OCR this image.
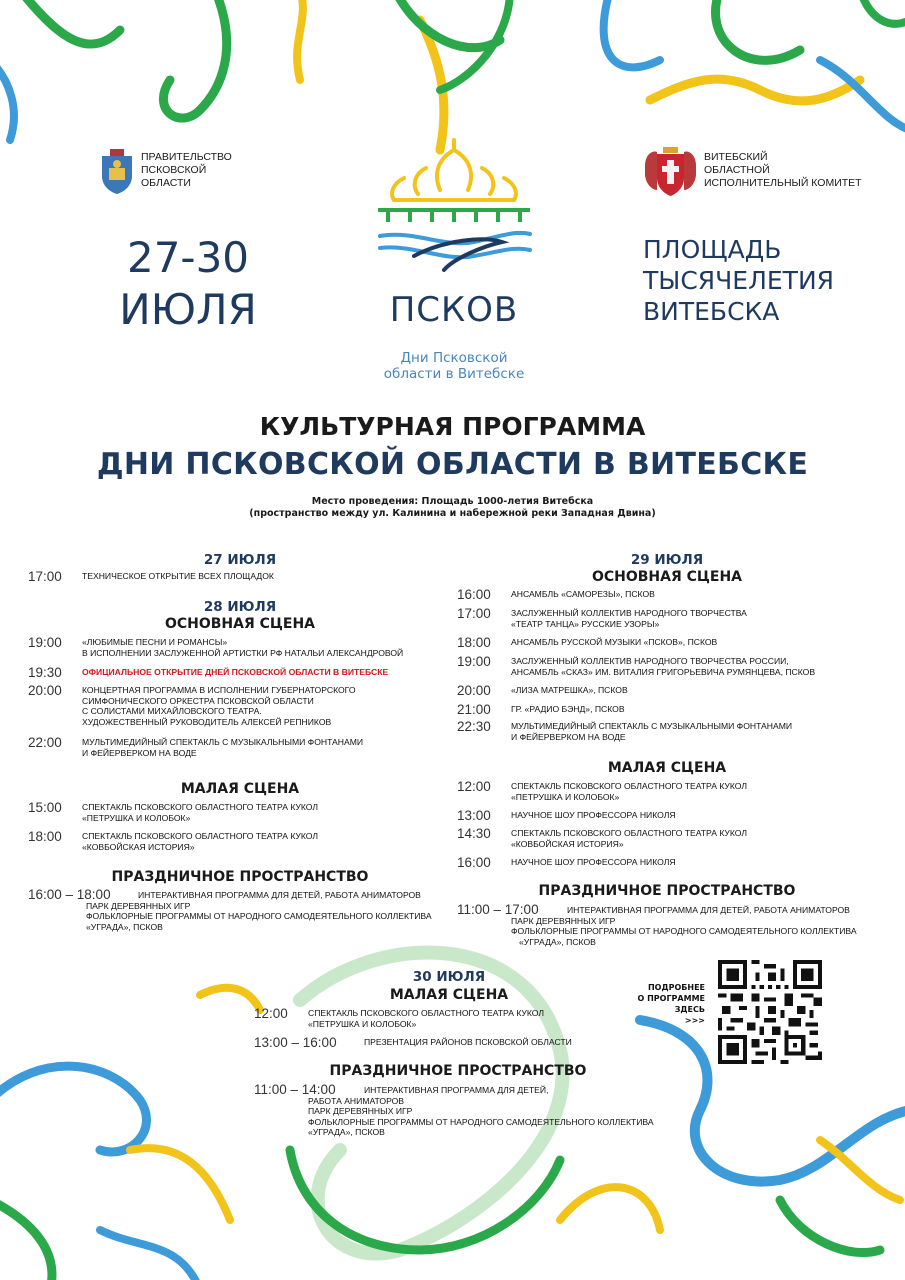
ПРАВИТЕЛЬСТВО
ПСКОВСКОЙ
ОБЛАСТИ
ВИТЕБСКИЙ
ОБЛАСТНОЙ
ИСПОЛНИТЕЛЬНЫЙ КОМИТЕТ
27-30
ИЮЛЯ	ПСКОВ
Дни Псковской
области в Витебске
ПЛОЩАДЬ
ТЫСЯЧЕЛЕТИЯ
ВИТЕБСКА
КУЛЬТУРНАЯ ПРОГРАММА
ДНИ ПСКОВСКОЙ ОБЛАСТИ В ВИТЕБСКЕ
Место проведения: Площадь 1000-летия Витебска
(пространство между ул. Калинина и набережной реки Западная Двина)
27 ИЮЛЯ
17:00	ТЕХНИЧЕСКОЕ ОТКРЫТИЕ ВСЕХ ПЛОЩАДОК
28 ИЮЛЯ
ОСНОВНАЯ СЦЕНА
19:00	«ЛЮБИМЫЕ ПЕСНИ И РОМАНСЫ»
В ИСПОЛНЕНИИ ЗАСЛУЖЕННОЙ АРТИСТКИ РФ НАТАЛЬИ АЛЕКСАНДРОВОЙ
19:30	ОФИЦИАЛЬНОЕ ОТКРЫТИЕ ДНЕЙ ПСКОВСКОЙ ОБЛАСТИ В ВИТЕБСКЕ
20:00	КОНЦЕРТНАЯ ПРОГРАММА В ИСПОЛНЕНИИ ГУБЕРНАТОРСКОГО
СИМФОНИЧЕСКОГО ОРКЕСТРА ПСКОВСКОЙ ОБЛАСТИ
С СОЛИСТАМИ МИХАЙЛОВСКОГО ТЕАТРА.
ХУДОЖЕСТВЕННЫЙ РУКОВОДИТЕЛЬ АЛЕКСЕЙ РЕПНИКОВ
22:00	МУЛЬТИМЕДИЙНЫЙ СПЕКТАКЛЬ С МУЗЫКАЛЬНЫМИ ФОНТАНАМИ
И ФЕЙЕРВЕРКОМ НА ВОДЕ
МАЛАЯ СЦЕНА
15:00	СПЕКТАКЛЬ ПСКОВСКОГО ОБЛАСТНОГО ТЕАТРА КУКОЛ
«ПЕТРУШКА И КОЛОБОК»
18:00	СПЕКТАКЛЬ ПСКОВСКОГО ОБЛАСТНОГО ТЕАТРА КУКОЛ
«КОВБОЙСКАЯ ИСТОРИЯ»
ПРАЗДНИЧНОЕ ПРОСТРАНСТВО
16:00 – 18:00	ИНТЕРАКТИВНАЯ ПРОГРАММА ДЛЯ ДЕТЕЙ, РАБОТА АНИМАТОРОВ
ПАРК ДЕРЕВЯННЫХ ИГР
ФОЛЬКЛОРНЫЕ ПРОГРАММЫ ОТ НАРОДНОГО САМОДЕЯТЕЛЬНОГО КОЛЛЕКТИВА
«УГРАДА», ПСКОВ
29 ИЮЛЯ
ОСНОВНАЯ СЦЕНА
16:00	АНСАМБЛЬ «САМОРЕЗЫ», ПСКОВ
17:00	ЗАСЛУЖЕННЫЙ КОЛЛЕКТИВ НАРОДНОГО ТВОРЧЕСТВА
«ТЕАТР ТАНЦА» РУССКИЕ УЗОРЫ»
18:00	АНСАМБЛЬ РУССКОЙ МУЗЫКИ «ПСКОВ», ПСКОВ
19:00	ЗАСЛУЖЕННЫЙ КОЛЛЕКТИВ НАРОДНОГО ТВОРЧЕСТВА РОССИИ,
АНСАМБЛЬ «СКАЗ» ИМ. ВИТАЛИЯ ГРИГОРЬЕВИЧА РУМЯНЦЕВА, ПСКОВ
20:00	«ЛИЗА МАТРЕШКА», ПСКОВ
21:00	ГР. «РАДИО БЭНД», ПСКОВ
22:30	МУЛЬТИМЕДИЙНЫЙ СПЕКТАКЛЬ С МУЗЫКАЛЬНЫМИ ФОНТАНАМИ
И ФЕЙЕРВЕРКОМ НА ВОДЕ
МАЛАЯ СЦЕНА
12:00	СПЕКТАКЛЬ ПСКОВСКОГО ОБЛАСТНОГО ТЕАТРА КУКОЛ
«ПЕТРУШКА И КОЛОБОК»
13:00	НАУЧНОЕ ШОУ ПРОФЕССОРА НИКОЛЯ
14:30	СПЕКТАКЛЬ ПСКОВСКОГО ОБЛАСТНОГО ТЕАТРА КУКОЛ
«КОВБОЙСКАЯ ИСТОРИЯ»
16:00	НАУЧНОЕ ШОУ ПРОФЕССОРА НИКОЛЯ
ПРАЗДНИЧНОЕ ПРОСТРАНСТВО
11:00 – 17:00	ИНТЕРАКТИВНАЯ ПРОГРАММА ДЛЯ ДЕТЕЙ, РАБОТА АНИМАТОРОВ
ПАРК ДЕРЕВЯННЫХ ИГР
ФОЛЬКЛОРНЫЕ ПРОГРАММЫ ОТ НАРОДНОГО САМОДЕЯТЕЛЬНОГО КОЛЛЕКТИВА
«УГРАДА», ПСКОВ
30 ИЮЛЯ
МАЛАЯ СЦЕНА
12:00	СПЕКТАКЛЬ ПСКОВСКОГО ОБЛАСТНОГО ТЕАТРА КУКОЛ
«ПЕТРУШКА И КОЛОБОК»
13:00 – 16:00	ПРЕЗЕНТАЦИЯ РАЙОНОВ ПСКОВСКОЙ ОБЛАСТИ
ПРАЗДНИЧНОЕ ПРОСТРАНСТВО
11:00 – 14:00	ИНТЕРАКТИВНАЯ ПРОГРАММА ДЛЯ ДЕТЕЙ,
РАБОТА АНИМАТОРОВ
ПАРК ДЕРЕВЯННЫХ ИГР
ФОЛЬКЛОРНЫЕ ПРОГРАММЫ ОТ НАРОДНОГО САМОДЕЯТЕЛЬНОГО КОЛЛЕКТИВА
«УГРАДА», ПСКОВ
ПОДРОБНЕЕ
О ПРОГРАММЕ
ЗДЕСЬ
>>>
